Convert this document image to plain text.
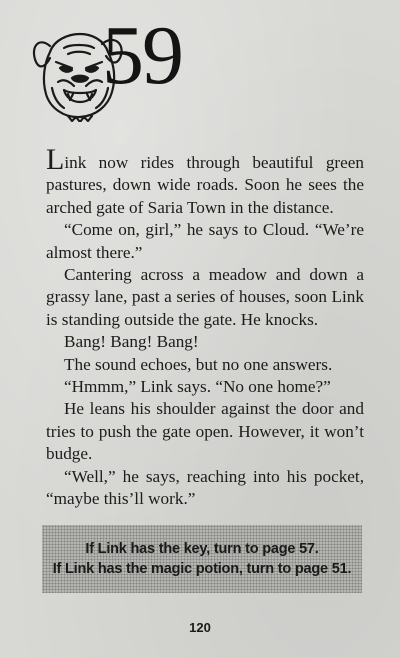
59

Link now rides through beautiful green pastures, down wide roads. Soon he sees the arched gate of Saria Town in the distance.

“Come on, girl,” he says to Cloud. “We’re almost there.”

Cantering across a meadow and down a grassy lane, past a series of houses, soon Link is standing outside the gate. He knocks.

Bang! Bang! Bang!

The sound echoes, but no one answers.

“Hmmm,” Link says. “No one home?”

He leans his shoulder against the door and tries to push the gate open. However, it won’t budge.

“Well,” he says, reaching into his pocket, “maybe this’ll work.”

If Link has the key, turn to page 57.
If Link has the magic potion, turn to page 51.
120
